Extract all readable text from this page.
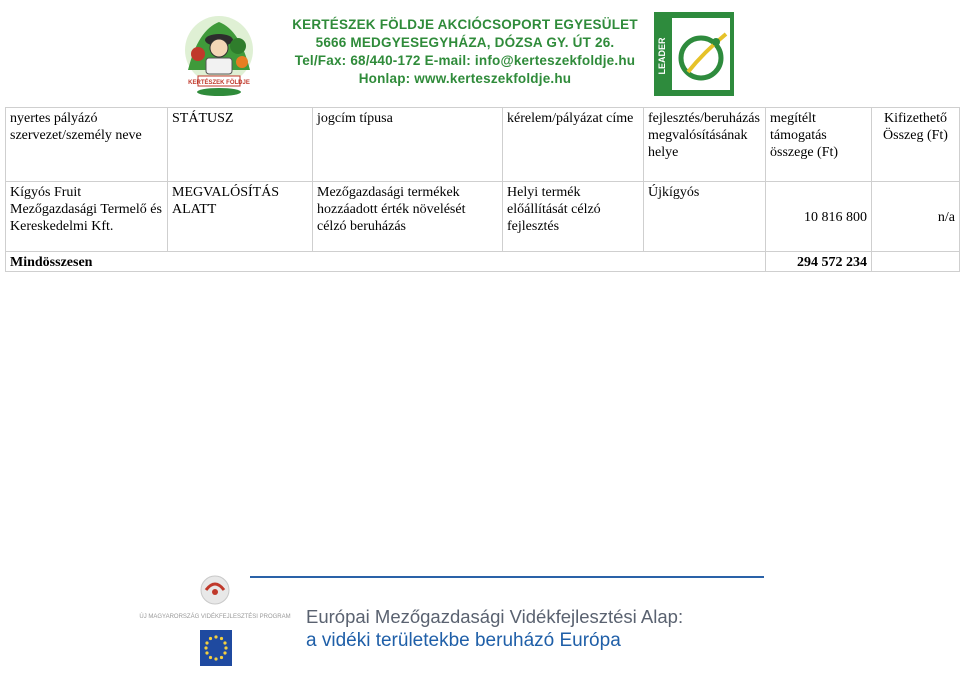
KERTÉSZEK FÖLDJE
KERTÉSZEK FÖLDJE AKCIÓCSOPORT EGYESÜLET
5666 MEDGYESEGYHÁZA, DÓZSA GY. ÚT 26.
Tel/Fax: 68/440-172 E-mail: info@kerteszekfoldje.hu
Honlap: www.kerteszekfoldje.hu
LEADER
nyertes pályázó szervezet/személy neve	STÁTUSZ	jogcím típusa	kérelem/pályázat címe	fejlesztés/beruházás megvalósításának helye	megítélt támogatás összege (Ft)	Kifizethető Összeg (Ft)
Kígyós Fruit Mezőgazdasági Termelő és Kereskedelmi Kft.	MEGVALÓSÍTÁS ALATT	Mezőgazdasági termékek hozzáadott érték növelését célzó beruházás	Helyi termék előállítását célzó fejlesztés	Újkígyós	10 816 800	n/a
Mindösszesen					294 572 234	
ÚJ MAGYARORSZÁG VIDÉKFEJLESZTÉSI PROGRAM Európai Mezőgazdasági Vidékfejlesztési Alap:
a vidéki területekbe beruházó Európa
